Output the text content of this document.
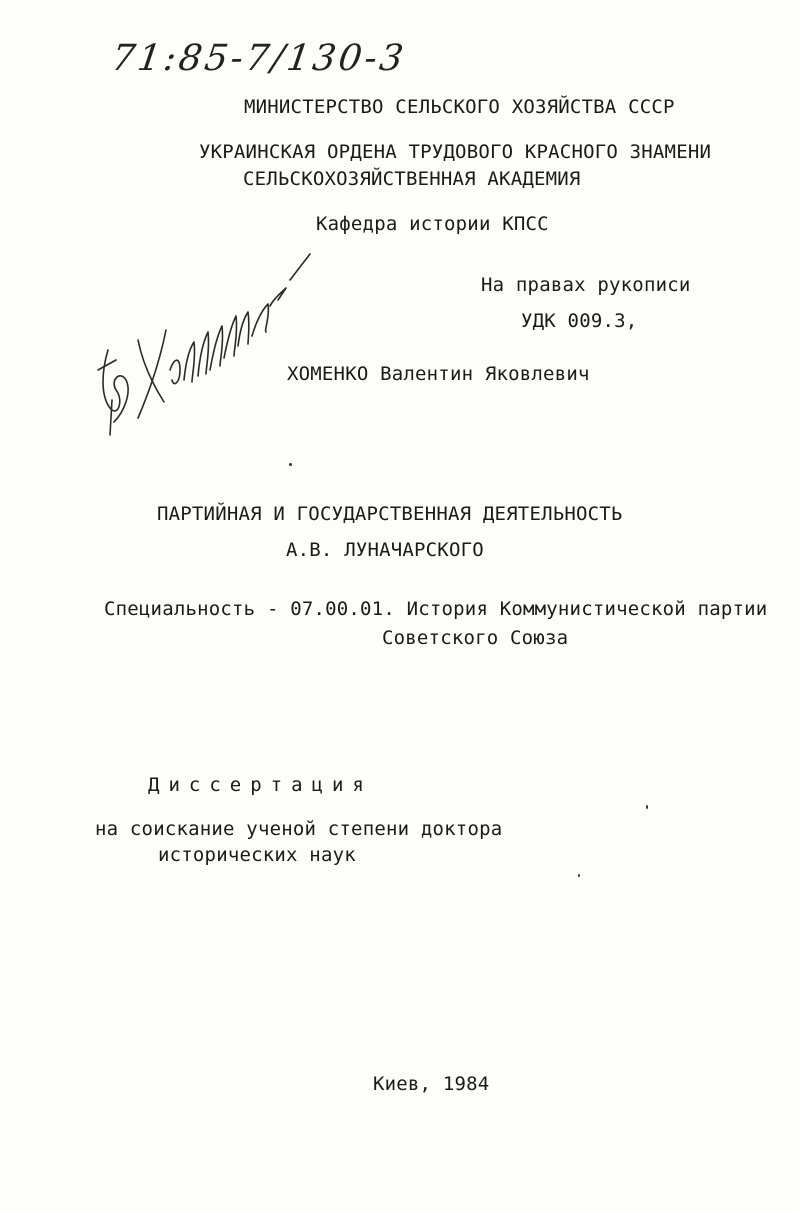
71:85-7/130-3
МИНИСТЕРСТВО СЕЛЬСКОГО ХОЗЯЙСТВА СССР
УКРАИНСКАЯ ОРДЕНА ТРУДОВОГО КРАСНОГО ЗНАМЕНИ
СЕЛЬСКОХОЗЯЙСТВЕННАЯ АКАДЕМИЯ
Кафедра истории КПСС
На правах рукописи
УДК 009.3,
ХОМЕНКО Валентин Яковлевич
ПАРТИЙНАЯ И ГОСУДАРСТВЕННАЯ ДЕЯТЕЛЬНОСТЬ
А.В. ЛУНАЧАРСКОГО
Специальность - 07.00.01. История Коммунистической партии
Советского Союза
Диссертация
на соискание ученой степени доктора
исторических наук
Киев, 1984
